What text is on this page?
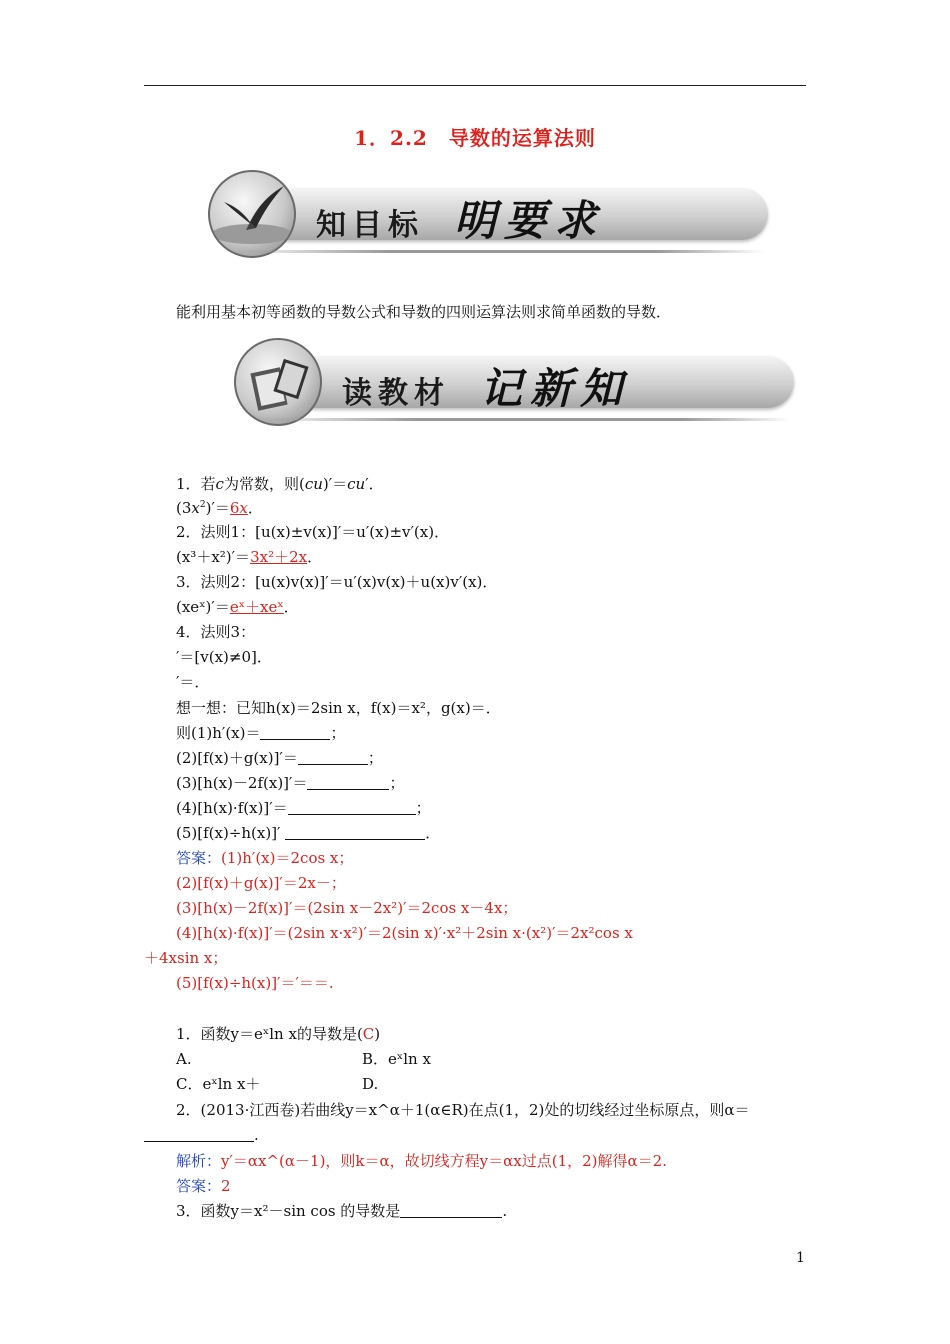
1．2.2　导数的运算法则
知目标 明要求
能利用基本初等函数的导数公式和导数的四则运算法则求简单函数的导数．
读教材 记新知
1．若c为常数，则(cu)′＝cu′．
$(3x^2)'=6x$．
2．法则1：[u(x)±v(x)]′＝u′(x)±v′(x)．
(x³＋x²)′＝3x²＋2x．
3．法则2：[u(x)v(x)]′＝u′(x)v(x)＋u(x)v′(x)．
(xeˣ)′＝eˣ＋xeˣ．
4．法则3：
′＝[v(x)≠0]．
′＝．
想一想：已知h(x)＝2sin x，f(x)＝x²，g(x)＝．
则(1)h′(x)＝	；
(2)[f(x)＋g(x)]′＝	；
(3)[h(x)－2f(x)]′＝	；
(4)[h(x)·f(x)]′＝	；
(5)[f(x)÷h(x)]′	．
答案：(1)h′(x)＝2cos x；
(2)[f(x)＋g(x)]′＝2x－；
(3)[h(x)－2f(x)]′＝(2sin x－2x²)′＝2cos x－4x；
(4)[h(x)·f(x)]′＝(2sin x·x²)′＝2(sin x)′·x²＋2sin x·(x²)′＝2x²cos x
＋4xsin x；
(5)[f(x)÷h(x)]′＝′＝＝.
1．函数y＝eˣln x的导数是(C)
A.	B．eˣln x
C．eˣln x＋	D.
2．(2013·江西卷)若曲线y＝x^α＋1(α∈R)在点(1，2)处的切线经过坐标原点，则α＝
.
解析：y′＝αx^(α－1)，则k＝α，故切线方程y＝αx过点(1，2)解得α＝2.
答案：2
3．函数y＝x²－sin cos 的导数是	.
1
